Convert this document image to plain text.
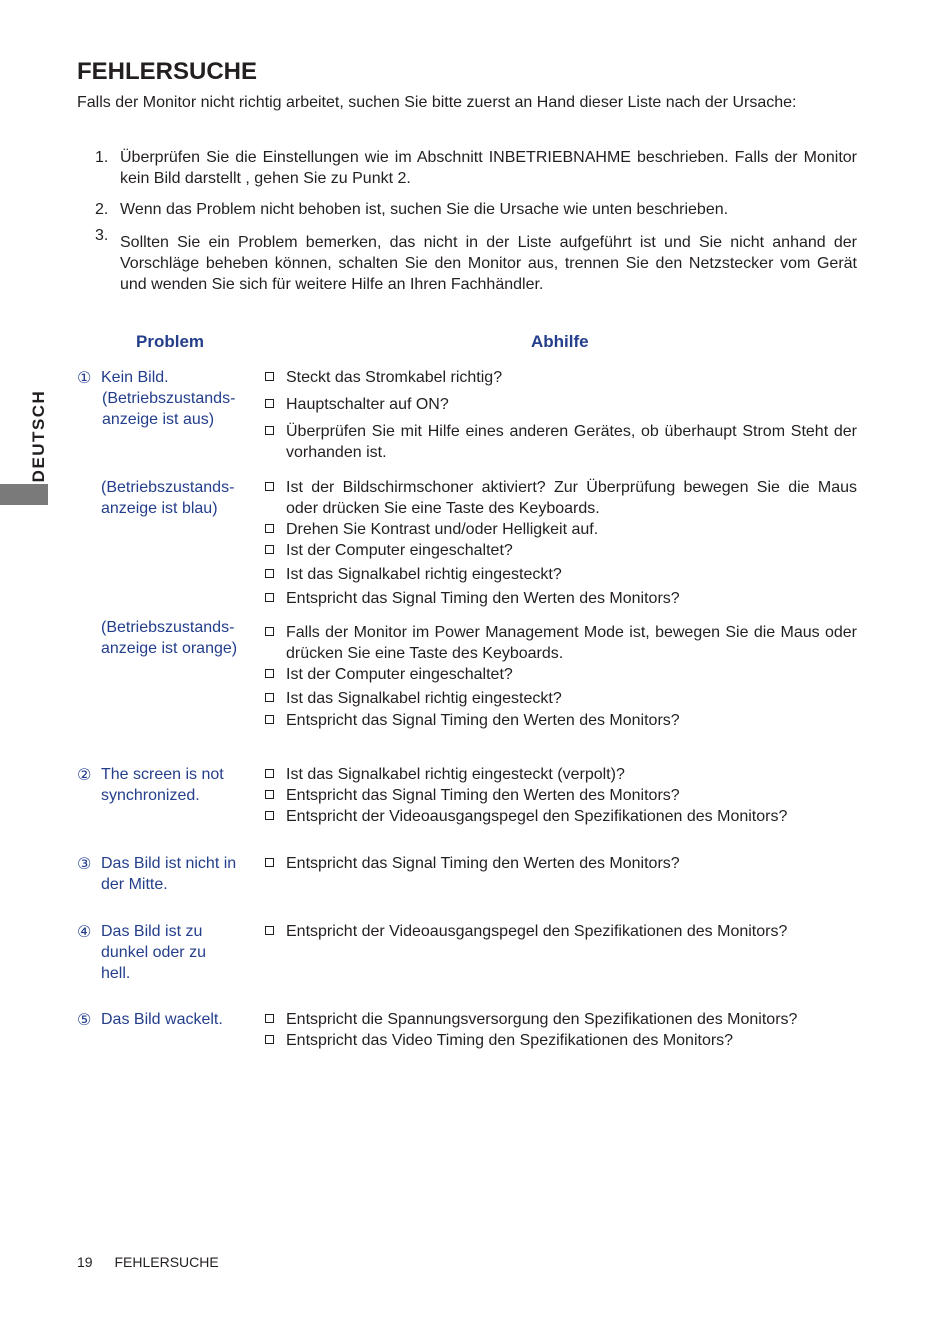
DEUTSCH
FEHLERSUCHE
Falls der Monitor nicht richtig arbeitet, suchen Sie bitte zuerst an Hand dieser Liste nach der Ursache:
1. Überprüfen Sie die Einstellungen wie im Abschnitt INBETRIEBNAHME beschrieben. Falls der Monitor kein Bild darstellt , gehen Sie zu Punkt 2.
2. Wenn das Problem nicht behoben ist, suchen Sie die Ursache wie unten beschrieben.
3. Sollten Sie ein Problem bemerken, das nicht in der Liste aufgeführt ist und Sie nicht anhand der Vorschläge beheben können, schalten Sie den Monitor aus, trennen Sie den Netzstecker vom Gerät und wenden Sie sich für weitere Hilfe an Ihren Fachhändler.
Problem	Abhilfe
① Kein Bild.
(Betriebszustands-anzeige ist aus)
Steckt das Stromkabel richtig?
Hauptschalter auf ON?
Überprüfen Sie mit Hilfe eines anderen Gerätes, ob überhaupt Strom Steht der vorhanden ist.
(Betriebszustands-anzeige ist blau)
Ist der Bildschirmschoner aktiviert? Zur Überprüfung bewegen Sie die Maus oder drücken Sie eine Taste des Keyboards.
Drehen Sie Kontrast und/oder Helligkeit auf.
Ist der Computer eingeschaltet?
Ist das Signalkabel richtig eingesteckt?
Entspricht das Signal Timing den Werten des Monitors?
(Betriebszustands-anzeige ist orange)
Falls der Monitor im Power Management Mode ist, bewegen Sie die Maus oder drücken Sie eine Taste des Keyboards.
Ist der Computer eingeschaltet?
Ist das Signalkabel richtig eingesteckt?
Entspricht das Signal Timing den Werten des Monitors?
② The screen is not synchronized.
Ist das Signalkabel richtig eingesteckt (verpolt)?
Entspricht das Signal Timing den Werten des Monitors?
Entspricht der Videoausgangspegel den Spezifikationen des Monitors?
③ Das Bild ist nicht in der Mitte.
Entspricht das Signal Timing den Werten des Monitors?
④ Das Bild ist zu dunkel oder zu hell.
Entspricht der Videoausgangspegel den Spezifikationen des Monitors?
⑤ Das Bild wackelt.	Entspricht die Spannungsversorgung den Spezifikationen des Monitors?
Entspricht das Video Timing den Spezifikationen des Monitors?
19 FEHLERSUCHE
